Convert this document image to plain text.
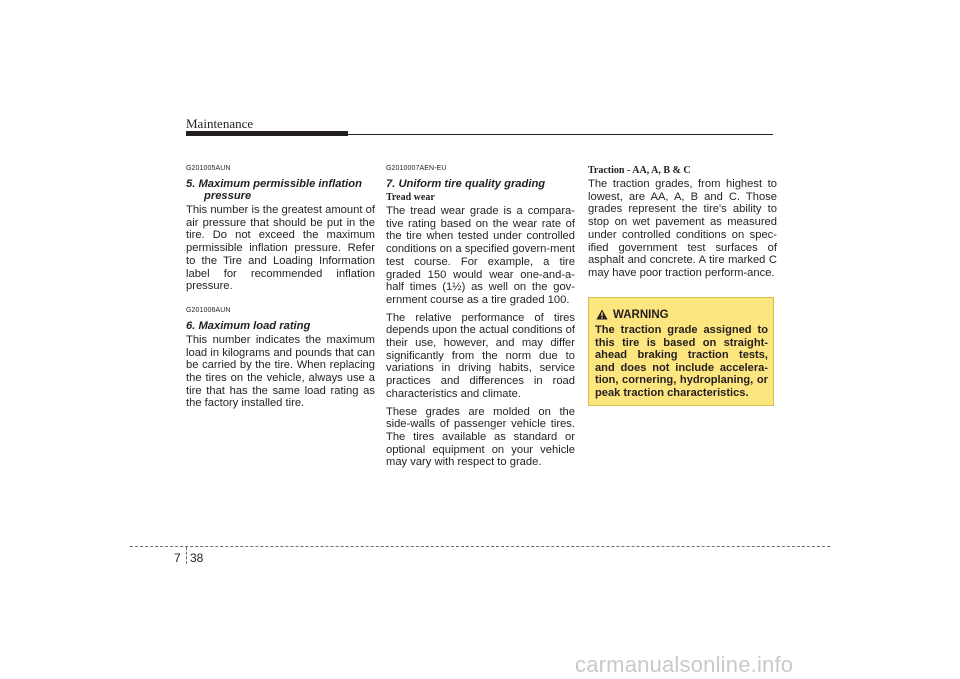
Maintenance
G201005AUN
5. Maximum permissible inflation
pressure

This number is the greatest amount of air pressure that should be put in the tire. Do not exceed the maximum permissible inflation pressure. Refer to the Tire and Loading Information label for recommended inflation pressure.

G201006AUN
6. Maximum load rating

This number indicates the maximum load in kilograms and pounds that can be carried by the tire. When replacing the tires on the vehicle, always use a tire that has the same load rating as the factory installed tire.

G2010007AEN-EU
7. Uniform tire quality grading
Tread wear

The tread wear grade is a compara-tive rating based on the wear rate of the tire when tested under controlled conditions on a specified govern-ment test course. For example, a tire graded 150 would wear one-and-a-half times (1½) as well on the gov-ernment course as a tire graded 100.

The relative performance of tires depends upon the actual conditions of their use, however, and may differ significantly from the norm due to variations in driving habits, service practices and differences in road characteristics and climate.

These grades are molded on the side-walls of passenger vehicle tires. The tires available as standard or optional equipment on your vehicle may vary with respect to grade.

Traction - AA, A, B & C

The traction grades, from highest to lowest, are AA, A, B and C. Those grades represent the tire's ability to stop on wet pavement as measured under controlled conditions on spec-ified government test surfaces of asphalt and concrete. A tire marked C may have poor traction perform-ance.

WARNING
The traction grade assigned to this tire is based on straight-ahead braking traction tests, and does not include accelera-tion, cornering, hydroplaning, or peak traction characteristics.
7 38
carmanualsonline.info
